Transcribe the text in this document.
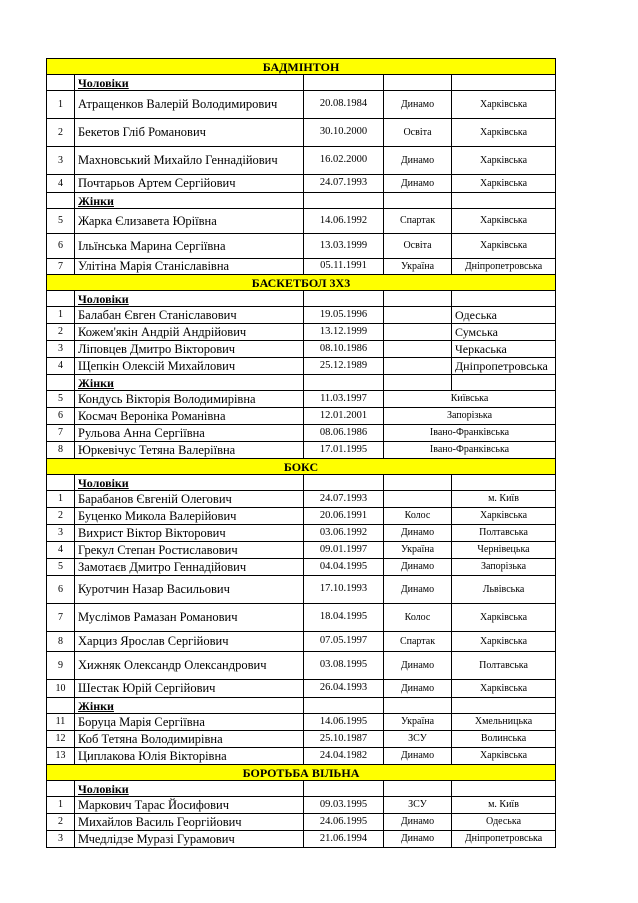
БАДМІНТОН				
	Чоловіки			
1	Атращенков Валерій Володимирович	20.08.1984	Динамо	Харківська
2	Бекетов Гліб Романович	30.10.2000	Освіта	Харківська
3	Махновський Михайло Геннадійович	16.02.2000	Динамо	Харківська
4	Почтарьов Артем Сергійович	24.07.1993	Динамо	Харківська
	Жінки			
5	Жарка Єлизавета Юріївна	14.06.1992	Спартак	Харківська
6	Ільїнська Марина Сергіївна	13.03.1999	Освіта	Харківська
7	Улітіна Марія Станіславівна	05.11.1991	Україна	Дніпропетровська
БАСКЕТБОЛ 3Х3				
	Чоловіки			
1	Балабан Євген Станіславович	19.05.1996		Одеська
2	Кожем'якін Андрій Андрійович	13.12.1999		Сумська
3	Ліповцев Дмитро Вікторович	08.10.1986		Черкаська
4	Щепкін Олексій Михайлович	25.12.1989		Дніпропетровська
	Жінки			
5	Кондусь Вікторія Володимирівна	11.03.1997	Київська	
6	Космач Вероніка Романівна	12.01.2001	Запорізька	
7	Рульова Анна Сергіївна	08.06.1986	Івано-Франківська	
8	Юркевічус Тетяна Валеріївна	17.01.1995	Івано-Франківська	
БОКС				
	Чоловіки			
1	Барабанов Євгеній Олегович	24.07.1993		м. Київ
2	Буценко Микола Валерійович	20.06.1991	Колос	Харківська
3	Вихрист Віктор Вікторович	03.06.1992	Динамо	Полтавська
4	Грекул Степан Ростиславович	09.01.1997	Україна	Чернівецька
5	Замотаєв Дмитро Геннадійович	04.04.1995	Динамо	Запорізька
6	Куротчин Назар Васильович	17.10.1993	Динамо	Львівська
7	Муслімов Рамазан Романович	18.04.1995	Колос	Харківська
8	Харциз Ярослав Сергійович	07.05.1997	Спартак	Харківська
9	Хижняк Олександр Олександрович	03.08.1995	Динамо	Полтавська
10	Шестак Юрій Сергійович	26.04.1993	Динамо	Харківська
	Жінки			
11	Боруца Марія Сергіївна	14.06.1995	Україна	Хмельницька
12	Коб Тетяна Володимирівна	25.10.1987	ЗСУ	Волинська
13	Циплакова Юлія Вікторівна	24.04.1982	Динамо	Харківська
БОРОТЬБА ВІЛЬНА				
	Чоловіки			
1	Маркович Тарас Йосифович	09.03.1995	ЗСУ	м. Київ
2	Михайлов Василь Георгійович	24.06.1995	Динамо	Одеська
3	Мчедлідзе Муразі Гурамович	21.06.1994	Динамо	Дніпропетровська
